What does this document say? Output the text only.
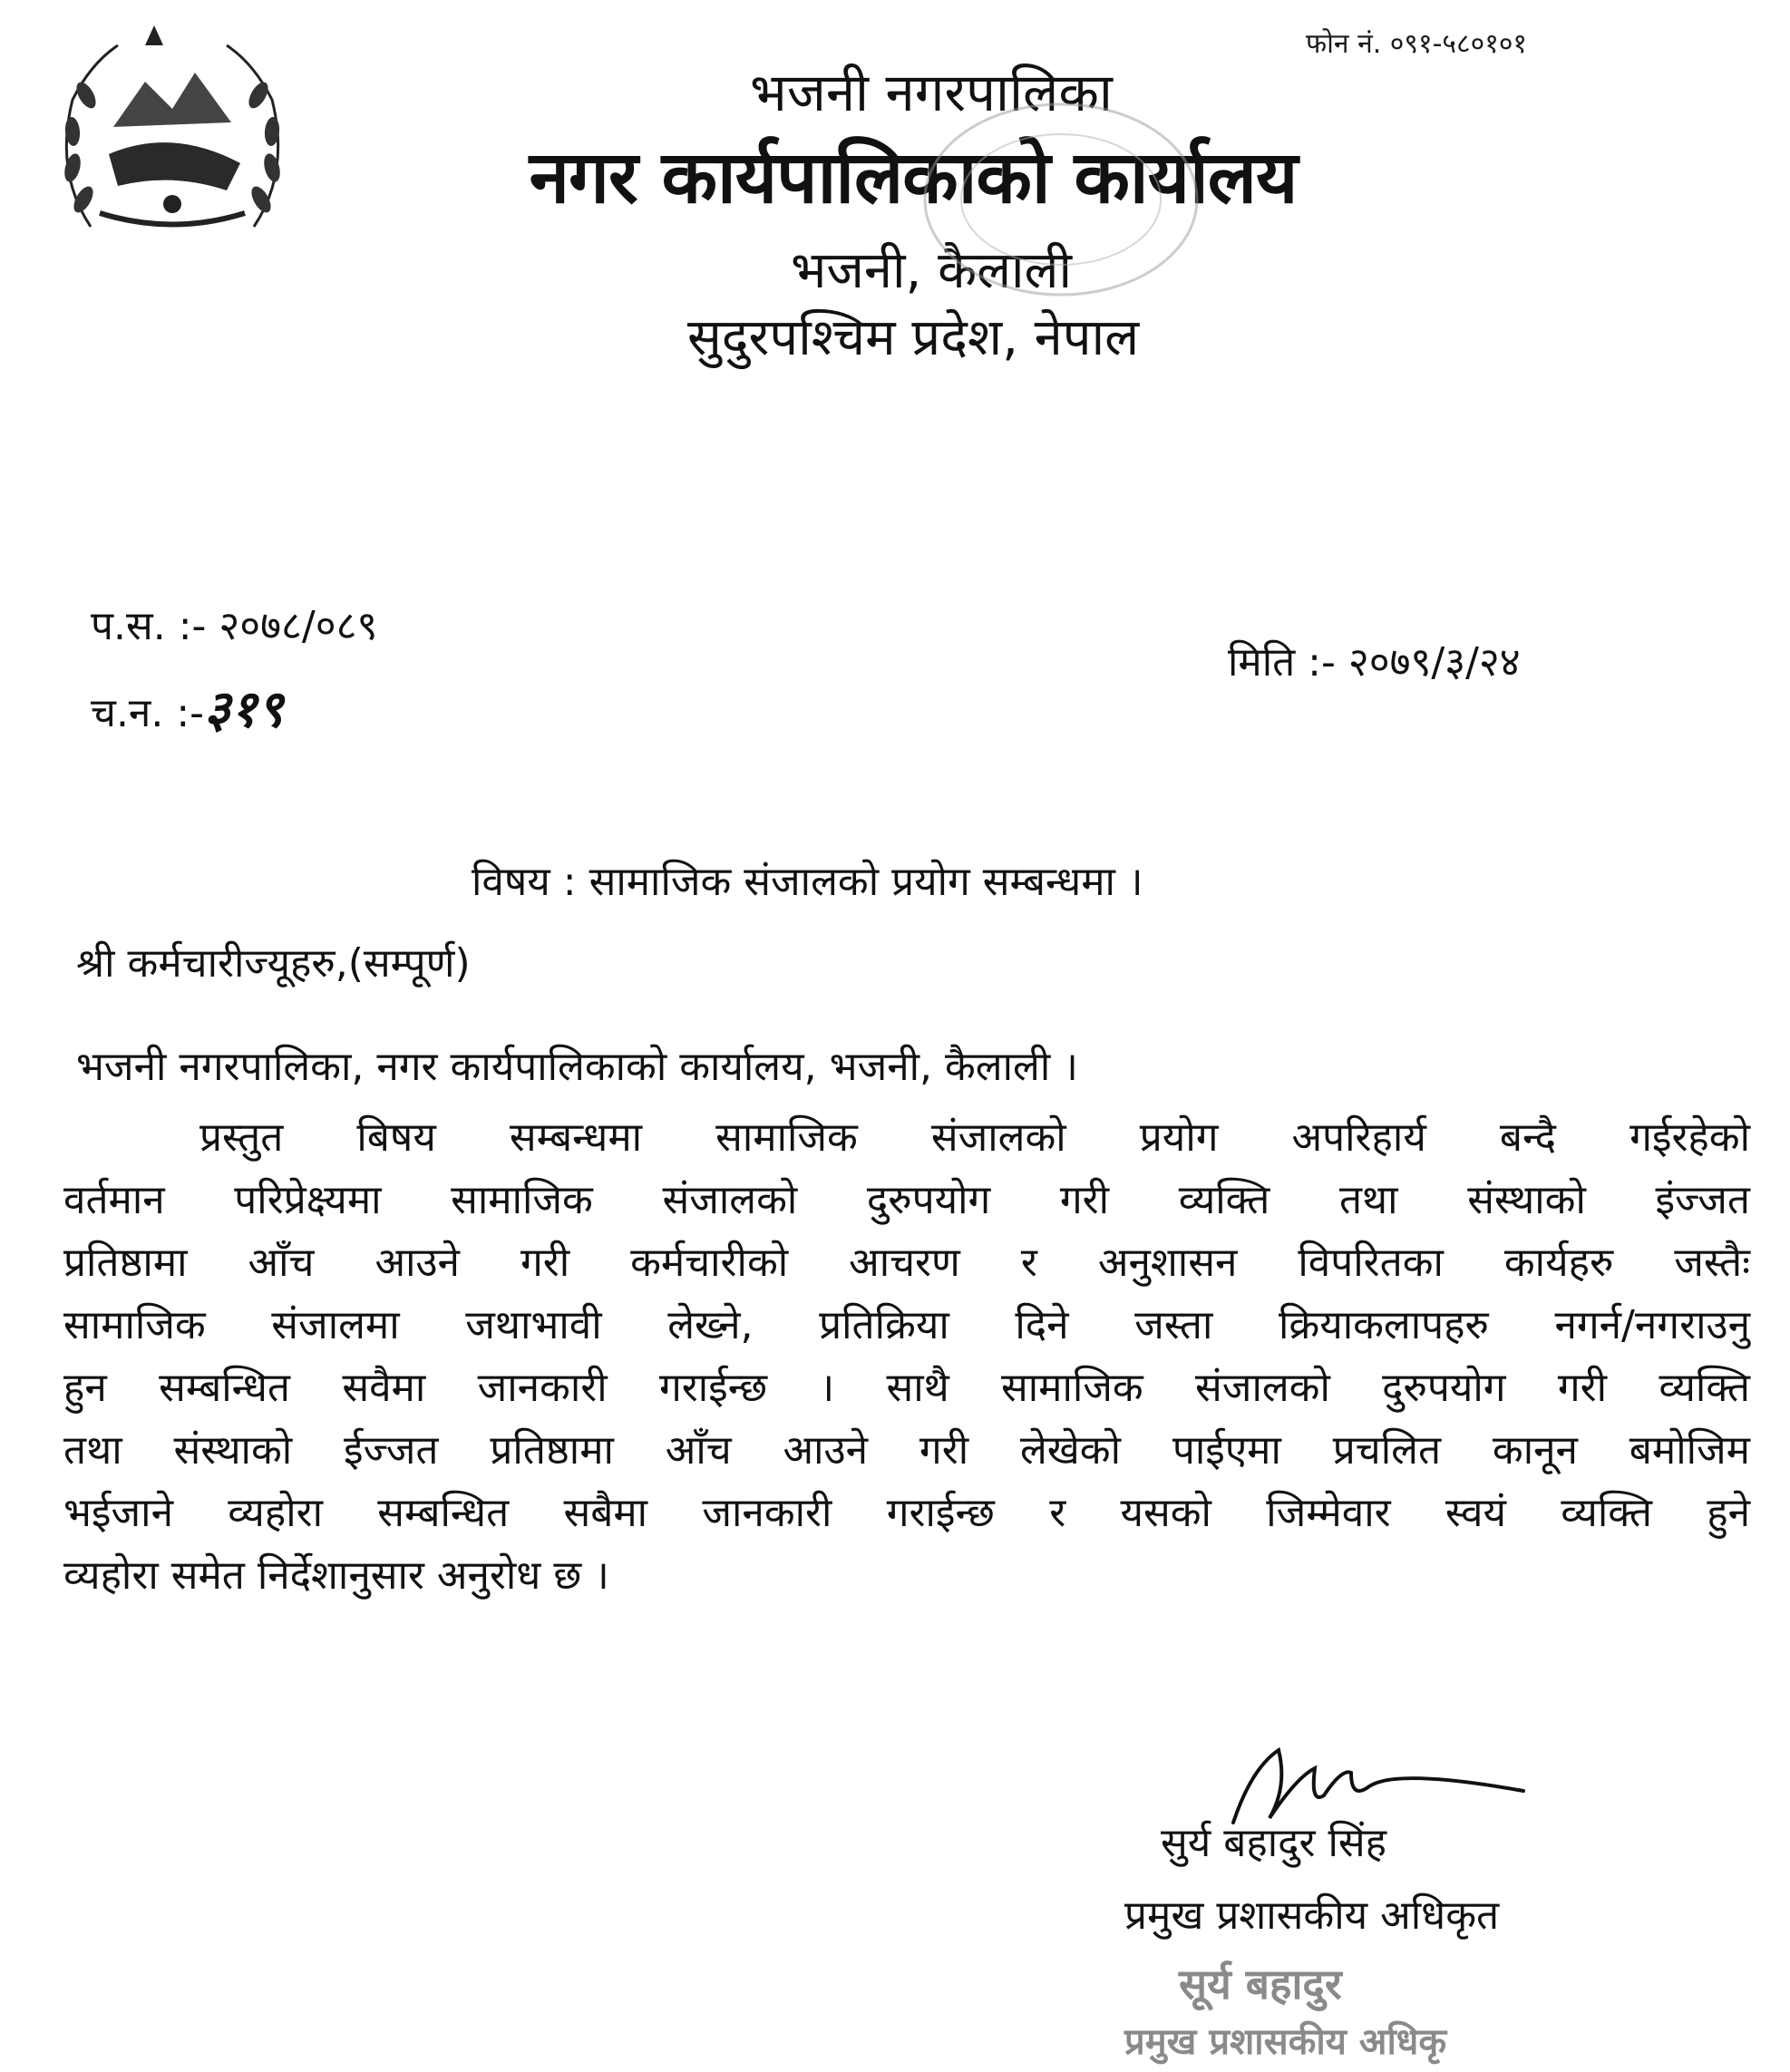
फोन नं. ०९१-५८०१०१
भजनी नगरपालिका
नगर कार्यपालिकाको कार्यालय
भजनी, कैलाली
सुदुरपश्चिम प्रदेश, नेपाल
प.स. :- २०७८/०८९
च.न. :-३१९
मिति :- २०७९/३/२४
विषय : सामाजिक संजालको प्रयोग सम्बन्धमा ।
श्री कर्मचारीज्यूहरु,(सम्पूर्ण)
भजनी नगरपालिका, नगर कार्यपालिकाको कार्यालय, भजनी, कैलाली ।
प्रस्तुत बिषय सम्बन्धमा सामाजिक संजालको प्रयोग अपरिहार्य बन्दै गईरहेको
वर्तमान परिप्रेक्ष्यमा सामाजिक संजालको दुरुपयोग गरी व्यक्ति तथा संस्थाको इंज्जत
प्रतिष्ठामा आँच आउने गरी कर्मचारीको आचरण र अनुशासन विपरितका कार्यहरु जस्तैः
सामाजिक संजालमा जथाभावी लेख्ने, प्रतिक्रिया दिने जस्ता क्रियाकलापहरु नगर्न/नगराउनु
हुन सम्बन्धित सवैमा जानकारी गराईन्छ । साथै सामाजिक संजालको दुरुपयोग गरी व्यक्ति
तथा संस्थाको ईज्जत प्रतिष्ठामा आँच आउने गरी लेखेको पाईएमा प्रचलित कानून बमोजिम
भईजाने व्यहोरा सम्बन्धित सबैमा जानकारी गराईन्छ र यसको जिम्मेवार स्वयं व्यक्ति हुने
व्यहोरा समेत निर्देशानुसार अनुरोध छ ।
सुर्य बहादुर सिंह
प्रमुख प्रशासकीय अधिकृत
सूर्य बहादुर
प्रमुख प्रशासकीय अधिकृ
